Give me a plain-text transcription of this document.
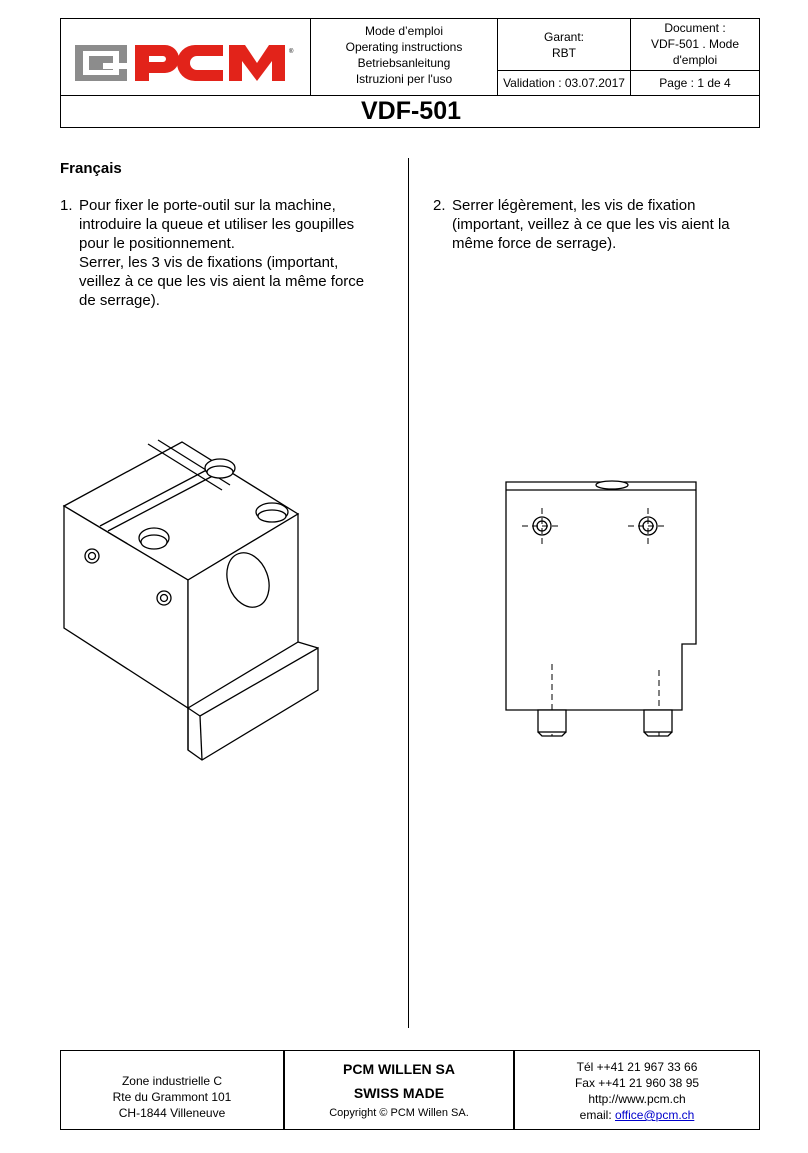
®
Mode d’emploi
Operating instructions
Betriebsanleitung
Istruzioni per l'uso
Garant:
RBT
Document :
VDF-501 . Mode
d'emploi
Validation : 03.07.2017	Page : 1 de 4
VDF-501
Français
1. Pour fixer le porte-outil sur la machine,
introduire la queue et utiliser les goupilles
pour le positionnement.
Serrer, les 3 vis de fixations (important,
veillez à ce que les vis aient la même force
de serrage).
2. Serrer légèrement, les vis de fixation
(important, veillez à ce que les vis aient la
même force de serrage).
Zone industrielle C
Rte du Grammont 101
CH-1844 Villeneuve
PCM WILLEN SA
SWISS MADE
Copyright © PCM Willen SA.
Tél ++41 21 967 33 66
Fax ++41 21 960 38 95
http://www.pcm.ch
email: office@pcm.ch
